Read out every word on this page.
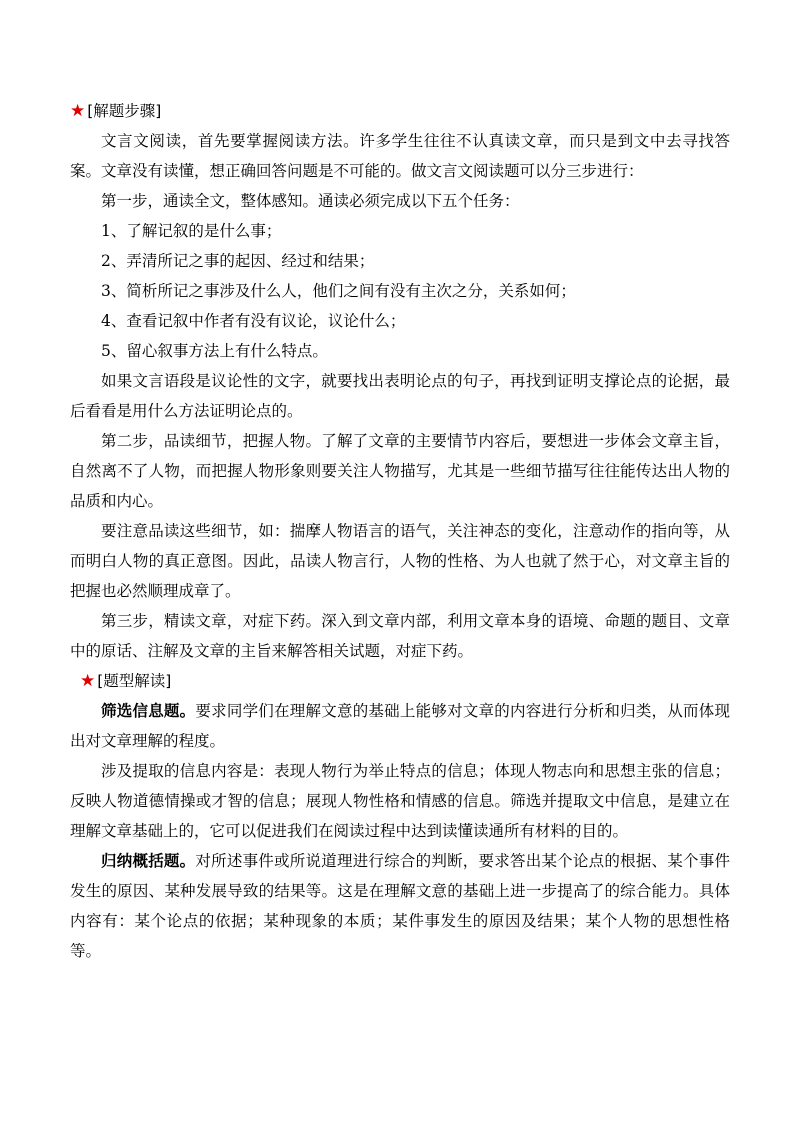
★ [解题步骤]

文言文阅读，首先要掌握阅读方法。许多学生往往不认真读文章，而只是到文中去寻找答案。文章没有读懂，想正确回答问题是不可能的。做文言文阅读题可以分三步进行：

第一步，通读全文，整体感知。通读必须完成以下五个任务：

1、了解记叙的是什么事；

2、弄清所记之事的起因、经过和结果；

3、简析所记之事涉及什么人，他们之间有没有主次之分，关系如何；

4、查看记叙中作者有没有议论，议论什么；

5、留心叙事方法上有什么特点。

如果文言语段是议论性的文字，就要找出表明论点的句子，再找到证明支撑论点的论据，最后看看是用什么方法证明论点的。

第二步，品读细节，把握人物。了解了文章的主要情节内容后，要想进一步体会文章主旨，自然离不了人物，而把握人物形象则要关注人物描写，尤其是一些细节描写往往能传达出人物的品质和内心。

要注意品读这些细节，如：揣摩人物语言的语气，关注神态的变化，注意动作的指向等，从而明白人物的真正意图。因此，品读人物言行，人物的性格、为人也就了然于心，对文章主旨的把握也必然顺理成章了。

第三步，精读文章，对症下药。深入到文章内部，利用文章本身的语境、命题的题目、文章中的原话、注解及文章的主旨来解答相关试题，对症下药。

★ [题型解读]

筛选信息题。要求同学们在理解文意的基础上能够对文章的内容进行分析和归类，从而体现出对文章理解的程度。

涉及提取的信息内容是：表现人物行为举止特点的信息；体现人物志向和思想主张的信息；反映人物道德情操或才智的信息；展现人物性格和情感的信息。筛选并提取文中信息，是建立在理解文章基础上的，它可以促进我们在阅读过程中达到读懂读通所有材料的目的。

归纳概括题。对所述事件或所说道理进行综合的判断，要求答出某个论点的根据、某个事件发生的原因、某种发展导致的结果等。这是在理解文意的基础上进一步提高了的综合能力。具体内容有：某个论点的依据；某种现象的本质；某件事发生的原因及结果；某个人物的思想性格等。
